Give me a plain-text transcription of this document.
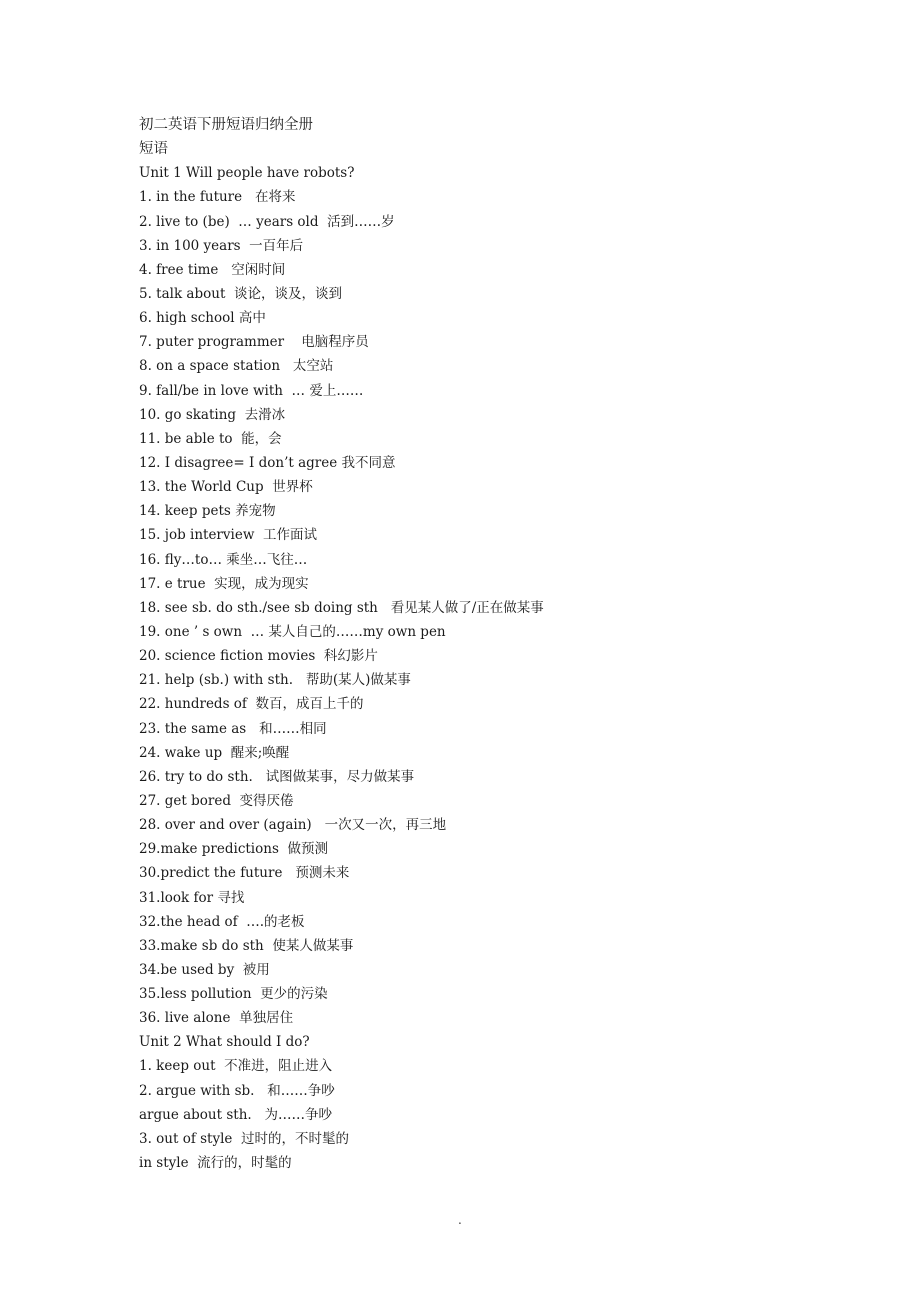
初二英语下册短语归纳全册
短语
Unit 1 Will people have robots?
1. in the future   在将来
2. live to (be)  … years old  活到……岁
3. in 100 years  一百年后
4. free time   空闲时间
5. talk about  谈论，谈及，谈到
6. high school 高中
7. puter programmer    电脑程序员
8. on a space station   太空站
9. fall/be in love with  … 爱上……
10. go skating  去滑冰
11. be able to  能，会
12. I disagree= I don’t agree 我不同意
13. the World Cup  世界杯
14. keep pets 养宠物
15. job interview  工作面试
16. fly…to… 乘坐…飞往…
17. e true  实现，成为现实
18. see sb. do sth./see sb doing sth   看见某人做了/正在做某事
19. one ’ s own  … 某人自己的……my own pen
20. science fiction movies  科幻影片
21. help (sb.) with sth.   帮助(某人)做某事
22. hundreds of  数百，成百上千的
23. the same as   和……相同
24. wake up  醒来;唤醒
26. try to do sth.   试图做某事，尽力做某事
27. get bored  变得厌倦
28. over and over (again)   一次又一次，再三地
29.make predictions  做预测
30.predict the future   预测未来
31.look for 寻找
32.the head of  ….的老板
33.make sb do sth  使某人做某事
34.be used by  被用
35.less pollution  更少的污染
36. live alone  单独居住
Unit 2 What should I do?
1. keep out  不准进，阻止进入
2. argue with sb.   和……争吵
argue about sth.   为……争吵
3. out of style  过时的，不时髦的
in style  流行的，时髦的
.
